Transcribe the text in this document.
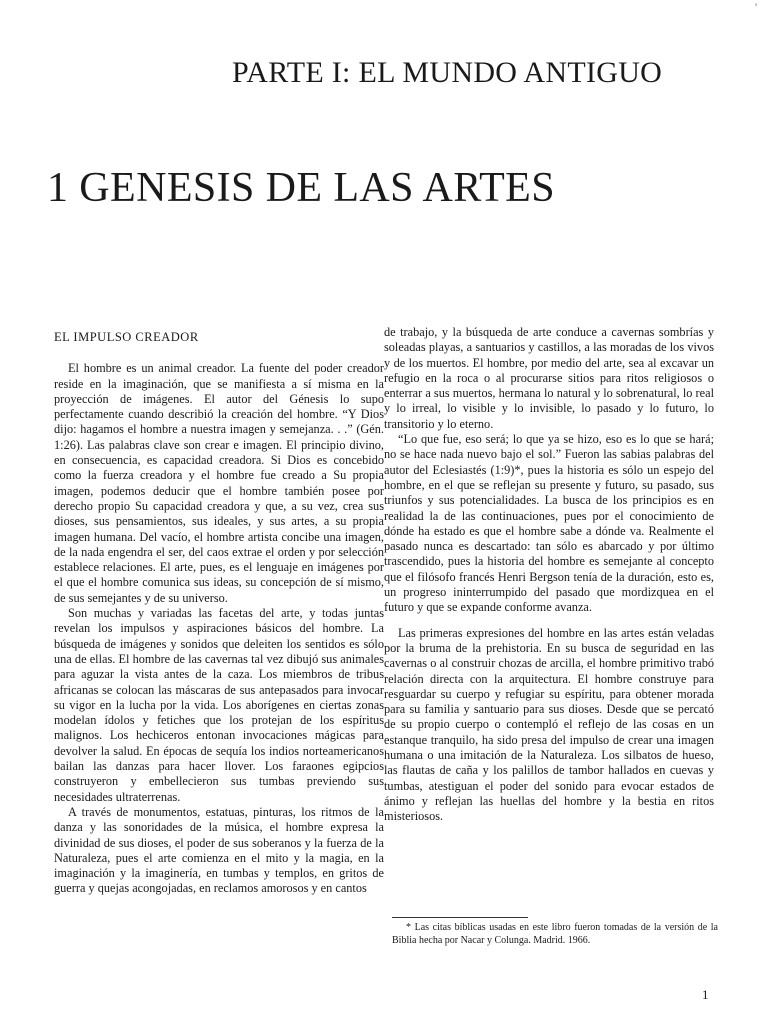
'
PARTE I: EL MUNDO ANTIGUO
1 GENESIS DE LAS ARTES
EL IMPULSO CREADOR

El hombre es un animal creador. La fuente del poder creador reside en la imaginación, que se manifiesta a sí misma en la proyección de imágenes. El autor del Génesis lo supo perfectamente cuando describió la creación del hombre. “Y Dios dijo: hagamos el hombre a nuestra imagen y semejanza. . .” (Gén. 1:26). Las palabras clave son crear e imagen. El principio divino, en consecuencia, es capacidad creadora. Si Dios es concebido como la fuerza creadora y el hombre fue creado a Su propia imagen, podemos deducir que el hombre también posee por derecho propio Su capacidad creadora y que, a su vez, crea sus dioses, sus pensamientos, sus ideales, y sus artes, a su propia imagen humana. Del vacío, el hombre artista concibe una imagen, de la nada engendra el ser, del caos extrae el orden y por selección establece relaciones. El arte, pues, es el lenguaje en imágenes por el que el hombre comunica sus ideas, su concepción de sí mismo, de sus semejantes y de su universo.

Son muchas y variadas las facetas del arte, y todas juntas revelan los impulsos y aspiraciones básicos del hombre. La búsqueda de imágenes y sonidos que deleiten los sentidos es sólo una de ellas. El hombre de las cavernas tal vez dibujó sus animales para aguzar la vista antes de la caza. Los miembros de tribus africanas se colocan las máscaras de sus antepasados para invocar su vigor en la lucha por la vida. Los aborígenes en ciertas zonas modelan ídolos y fetiches que los protejan de los espíritus malignos. Los hechiceros entonan invocaciones mágicas para devolver la salud. En épocas de sequía los indios norteamericanos bailan las danzas para hacer llover. Los faraones egipcios construyeron y embellecieron sus tumbas previendo sus necesidades ultraterrenas.

A través de monumentos, estatuas, pinturas, los ritmos de la danza y las sonoridades de la música, el hombre expresa la divinidad de sus dioses, el poder de sus soberanos y la fuerza de la Naturaleza, pues el arte comienza en el mito y la magia, en la imaginación y la imaginería, en tumbas y templos, en gritos de guerra y quejas acongojadas, en reclamos amorosos y en cantos

de trabajo, y la búsqueda de arte conduce a cavernas sombrías y soleadas playas, a santuarios y castillos, a las moradas de los vivos y de los muertos. El hombre, por medio del arte, sea al excavar un refugio en la roca o al procurarse sitios para ritos religiosos o enterrar a sus muertos, hermana lo natural y lo sobrenatural, lo real y lo irreal, lo visible y lo invisible, lo pasado y lo futuro, lo transitorio y lo eterno.

“Lo que fue, eso será; lo que ya se hizo, eso es lo que se hará; no se hace nada nuevo bajo el sol.” Fueron las sabias palabras del autor del Eclesiastés (1:9)*, pues la historia es sólo un espejo del hombre, en el que se reflejan su presente y futuro, su pasado, sus triunfos y sus potencialidades. La busca de los principios es en realidad la de las continuaciones, pues por el conocimiento de dónde ha estado es que el hombre sabe a dónde va. Realmente el pasado nunca es descartado: tan sólo es abarcado y por último trascendido, pues la historia del hombre es semejante al concepto que el filósofo francés Henri Bergson tenía de la duración, esto es, un progreso ininterrumpido del pasado que mordizquea en el futuro y que se expande conforme avanza.

Las primeras expresiones del hombre en las artes están veladas por la bruma de la prehistoria. En su busca de seguridad en las cavernas o al construir chozas de arcilla, el hombre primitivo trabó relación directa con la arquitectura. El hombre construye para resguardar su cuerpo y refugiar su espíritu, para obtener morada para su familia y santuario para sus dioses. Desde que se percató de su propio cuerpo o contempló el reflejo de las cosas en un estanque tranquilo, ha sido presa del impulso de crear una imagen humana o una imitación de la Naturaleza. Los silbatos de hueso, las flautas de caña y los palillos de tambor hallados en cuevas y tumbas, atestiguan el poder del sonido para evocar estados de ánimo y reflejan las huellas del hombre y la bestia en ritos misteriosos.

* Las citas bíblicas usadas en este libro fueron tomadas de la versión de la Biblia hecha por Nacar y Colunga. Madrid. 1966.
1
